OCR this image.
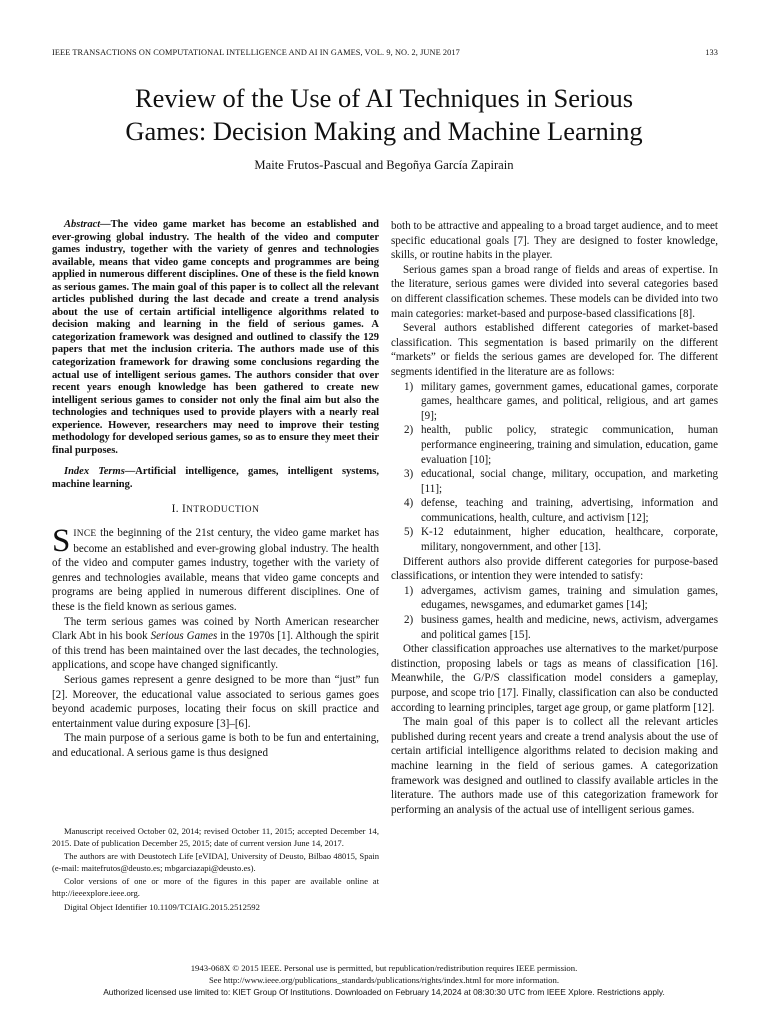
IEEE TRANSACTIONS ON COMPUTATIONAL INTELLIGENCE AND AI IN GAMES, VOL. 9, NO. 2, JUNE 2017	133
Review of the Use of AI Techniques in Serious
Games: Decision Making and Machine Learning
Maite Frutos-Pascual and Begoñya García Zapirain

Abstract—The video game market has become an established and ever-growing global industry. The health of the video and computer games industry, together with the variety of genres and technologies available, means that video game concepts and programmes are being applied in numerous different disciplines. One of these is the field known as serious games. The main goal of this paper is to collect all the relevant articles published during the last decade and create a trend analysis about the use of certain artificial intelligence algorithms related to decision making and learning in the field of serious games. A categorization framework was designed and outlined to classify the 129 papers that met the inclusion criteria. The authors made use of this categorization framework for drawing some conclusions regarding the actual use of intelligent serious games. The authors consider that over recent years enough knowledge has been gathered to create new intelligent serious games to consider not only the final aim but also the technologies and techniques used to provide players with a nearly real experience. However, researchers may need to improve their testing methodology for developed serious games, so as to ensure they meet their final purposes.

Index Terms—Artificial intelligence, games, intelligent systems, machine learning.

I. INTRODUCTION

SINCE the beginning of the 21st century, the video game market has become an established and ever-growing global industry. The health of the video and computer games industry, together with the variety of genres and technologies available, means that video game concepts and programs are being applied in numerous different disciplines. One of these is the field known as serious games.

The term serious games was coined by North American researcher Clark Abt in his book Serious Games in the 1970s [1]. Although the spirit of this trend has been maintained over the last decades, the technologies, applications, and scope have changed significantly.

Serious games represent a genre designed to be more than “just” fun [2]. Moreover, the educational value associated to serious games goes beyond academic purposes, locating their focus on skill practice and entertainment value during exposure [3]–[6].

The main purpose of a serious game is both to be fun and entertaining, and educational. A serious game is thus designed

Manuscript received October 02, 2014; revised October 11, 2015; accepted December 14, 2015. Date of publication December 25, 2015; date of current version June 14, 2017.

The authors are with Deustotech Life [eVIDA], University of Deusto, Bilbao 48015, Spain (e-mail: maitefrutos@deusto.es; mbgarciazapi@deusto.es).

Color versions of one or more of the figures in this paper are available online at http://ieeexplore.ieee.org.

Digital Object Identifier 10.1109/TCIAIG.2015.2512592

both to be attractive and appealing to a broad target audience, and to meet specific educational goals [7]. They are designed to foster knowledge, skills, or routine habits in the player.

Serious games span a broad range of fields and areas of expertise. In the literature, serious games were divided into several categories based on different classification schemes. These models can be divided into two main categories: market-based and purpose-based classifications [8].

Several authors established different categories of market-based classification. This segmentation is based primarily on the different “markets” or fields the serious games are developed for. The different segments identified in the literature are as follows:

1) military games, government games, educational games, corporate games, healthcare games, and political, religious, and art games [9];
2) health, public policy, strategic communication, human performance engineering, training and simulation, education, game evaluation [10];
3) educational, social change, military, occupation, and marketing [11];
4) defense, teaching and training, advertising, information and communications, health, culture, and activism [12];
5) K-12 edutainment, higher education, healthcare, corporate, military, nongovernment, and other [13].

Different authors also provide different categories for purpose-based classifications, or intention they were intended to satisfy:

1) advergames, activism games, training and simulation games, edugames, newsgames, and edumarket games [14];
2) business games, health and medicine, news, activism, advergames and political games [15].

Other classification approaches use alternatives to the market/purpose distinction, proposing labels or tags as means of classification [16]. Meanwhile, the G/P/S classification model considers a gameplay, purpose, and scope trio [17]. Finally, classification can also be conducted according to learning principles, target age group, or game platform [12].

The main goal of this paper is to collect all the relevant articles published during recent years and create a trend analysis about the use of certain artificial intelligence algorithms related to decision making and machine learning in the field of serious games. A categorization framework was designed and outlined to classify available articles in the literature. The authors made use of this categorization framework for performing an analysis of the actual use of intelligent serious games.

1943-068X © 2015 IEEE. Personal use is permitted, but republication/redistribution requires IEEE permission.
See http://www.ieee.org/publications_standards/publications/rights/index.html for more information.
Authorized licensed use limited to: KIET Group Of Institutions. Downloaded on February 14,2024 at 08:30:30 UTC from IEEE Xplore. Restrictions apply.
